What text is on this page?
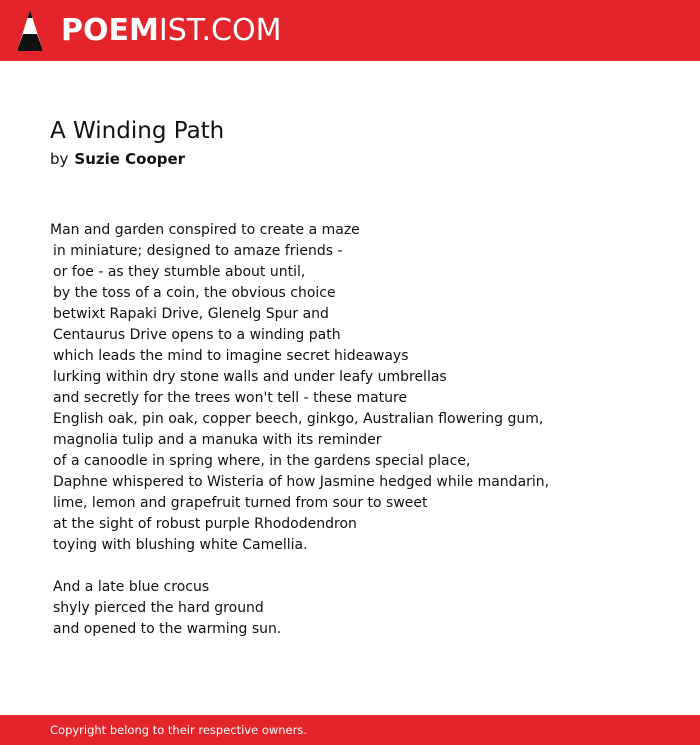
POEMIST.COM
A Winding Path
by Suzie Cooper
Man and garden conspired to create a maze
in miniature; designed to amaze friends -
or foe - as they stumble about until,
by the toss of a coin, the obvious choice
betwixt Rapaki Drive, Glenelg Spur and
Centaurus Drive opens to a winding path
which leads the mind to imagine secret hideaways
lurking within dry stone walls and under leafy umbrellas
and secretly for the trees won't tell - these mature
English oak, pin oak, copper beech, ginkgo, Australian flowering gum,
magnolia tulip and a manuka with its reminder
of a canoodle in spring where, in the gardens special place,
Daphne whispered to Wisteria of how Jasmine hedged while mandarin,
lime, lemon and grapefruit turned from sour to sweet
at the sight of robust purple Rhododendron
toying with blushing white Camellia.
And a late blue crocus
shyly pierced the hard ground
and opened to the warming sun.
Copyright belong to their respective owners.
